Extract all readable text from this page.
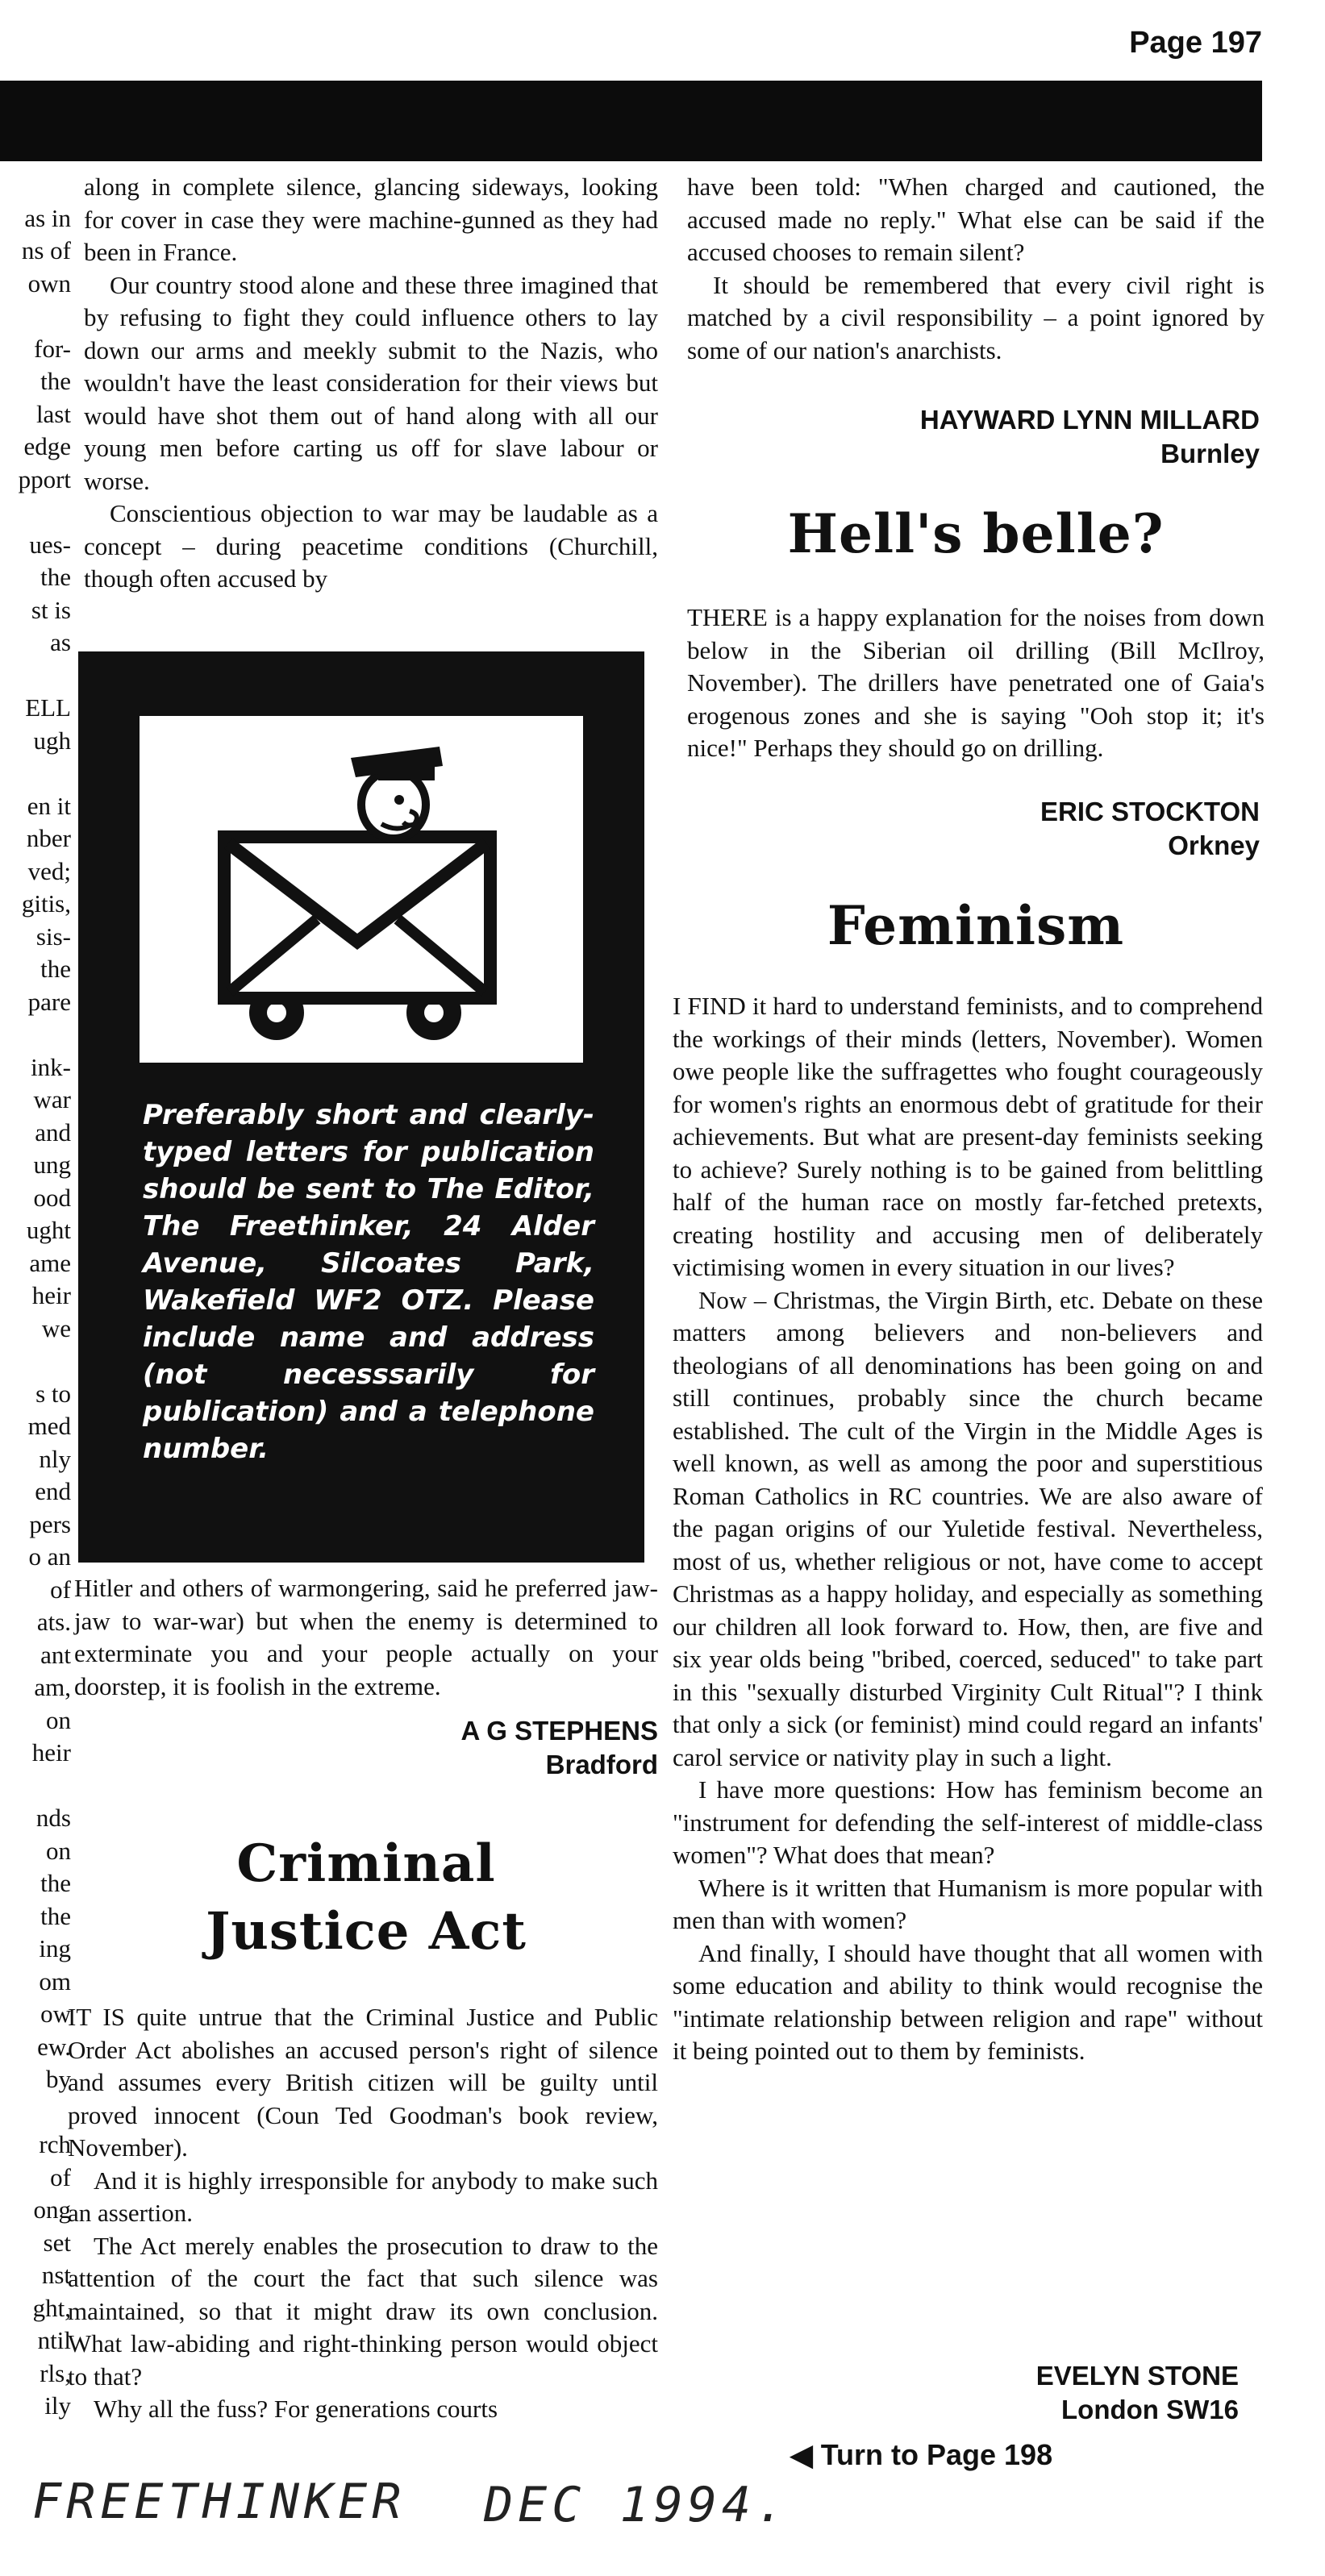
Page 197
as in
ns of
own
for-
the
last
edge
pport
ues-
the
st is
as
ELL
ugh
en it
nber
ved;
gitis,
sis-
the
pare
ink-
war
and
ung
ood
ught
ame
heir
we
s to
med
nly
end
pers
o an
of
ats.
ant
am,
on
heir
nds
on
the
the
ing
om
ow
ew.
by
rch
of
ong
set
nst
ght,
ntil
rls,
ily

along in complete silence, glancing sideways, looking for cover in case they were machine-gunned as they had been in France.

Our country stood alone and these three imagined that by refusing to fight they could influence others to lay down our arms and meekly submit to the Nazis, who wouldn't have the least consideration for their views but would have shot them out of hand along with all our young men before carting us off for slave labour or worse.

Conscientious objection to war may be laudable as a concept – during peacetime conditions (Churchill, though often accused by

Preferably short and clearly-typed letters for publication should be sent to The Editor, The Freethinker, 24 Alder Avenue, Silcoates Park, Wakefield WF2 OTZ. Please include name and address (not necesssarily for publication) and a telephone number.

Hitler and others of warmongering, said he preferred jaw-jaw to war-war) but when the enemy is determined to exterminate you and your people actually on your doorstep, it is foolish in the extreme.

A G STEPHENS
Bradford
Criminal
Justice Act

IT IS quite untrue that the Criminal Justice and Public Order Act abolishes an accused person's right of silence and assumes every British citizen will be guilty until proved innocent (Coun Ted Goodman's book review, November).

And it is highly irresponsible for anybody to make such an assertion.

The Act merely enables the prosecution to draw to the attention of the court the fact that such silence was maintained, so that it might draw its own conclusion. What law-abiding and right-thinking person would object to that?

Why all the fuss? For generations courts

have been told: "When charged and cautioned, the accused made no reply." What else can be said if the accused chooses to remain silent?

It should be remembered that every civil right is matched by a civil responsibility – a point ignored by some of our nation's anarchists.

HAYWARD LYNN MILLARD
Burnley
Hell's belle?

THERE is a happy explanation for the noises from down below in the Siberian oil drilling (Bill McIlroy, November). The drillers have penetrated one of Gaia's erogenous zones and she is saying "Ooh stop it; it's nice!" Perhaps they should go on drilling.

ERIC STOCKTON
Orkney
Feminism

I FIND it hard to understand feminists, and to comprehend the workings of their minds (letters, November). Women owe people like the suffragettes who fought courageously for women's rights an enormous debt of gratitude for their achievements. But what are present-day feminists seeking to achieve? Surely nothing is to be gained from belittling half of the human race on mostly far-fetched pretexts, creating hostility and accusing men of deliberately victimising women in every situation in our lives?

Now – Christmas, the Virgin Birth, etc. Debate on these matters among believers and non-believers and theologians of all denominations has been going on and still continues, probably since the church became established. The cult of the Virgin in the Middle Ages is well known, as well as among the poor and superstitious Roman Catholics in RC countries. We are also aware of the pagan origins of our Yuletide festival. Nevertheless, most of us, whether religious or not, have come to accept Christmas as a happy holiday, and especially as something our children all look forward to. How, then, are five and six year olds being "bribed, coerced, seduced" to take part in this "sexually disturbed Virginity Cult Ritual"? I think that only a sick (or feminist) mind could regard an infants' carol service or nativity play in such a light.

I have more questions: How has feminism become an "instrument for defending the self-interest of middle-class women"? What does that mean?

Where is it written that Humanism is more popular with men than with women?

And finally, I should have thought that all women with some education and ability to think would recognise the "intimate relationship between religion and rape" without it being pointed out to them by feminists.

EVELYN STONE
London SW16
◀ Turn to Page 198
FREETHINKER DEC 1994.
